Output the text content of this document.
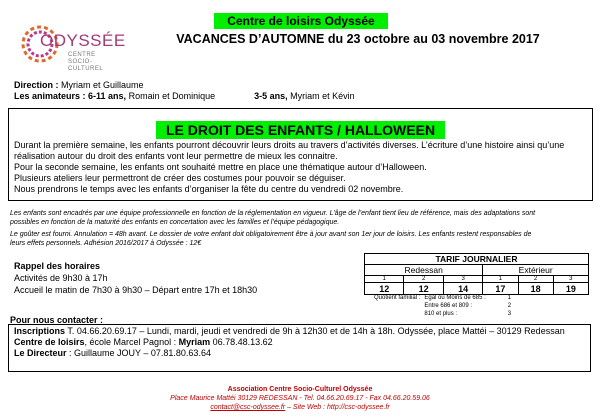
ODYSSÉE
CENTRE
SOCIO-
CULTUREL
Centre de loisirs Odyssée
VACANCES D’AUTOMNE du 23 octobre au 03 novembre 2017
Direction : Myriam et Guillaume
Les animateurs : 6-11 ans, Romain et Dominique	3-5 ans, Myriam et Kévin
LE DROIT DES ENFANTS / HALLOWEEN
Durant la première semaine, les enfants pourront découvrir leurs droits au travers d’activités diverses. L’écriture d’une histoire ainsi qu’une
réalisation autour du droit des enfants vont leur permettre de mieux les connaitre.
Pour la seconde semaine, les enfants ont souhaité mettre en place une thématique autour d’Halloween.
Plusieurs ateliers leur permettront de créer des costumes pour pouvoir se déguiser.
Nous prendrons le temps avec les enfants d’organiser la fête du centre du vendredi 02 novembre.
Les enfants sont encadrés par une équipe professionnelle en fonction de la réglementation en vigueur. L’âge de l’enfant tient lieu de référence, mais des adaptations sont
possibles en fonction de la maturité des enfants en concertation avec les familles et l’équipe pédagogique.
Le goûter est fourni. Annulation = 48h avant. Le dossier de votre enfant doit obligatoirement être à jour avant son 1er jour de loisirs. Les enfants restent responsables de
leurs effets personnels. Adhésion 2016/2017 à Odyssée : 12€
Rappel des horaires
Activités de 9h30 à 17h
Accueil le matin de 7h30 à 9h30 – Départ entre 17h et 18h30
TARIF JOURNALIER					
Redessan			Extérieur		
1	2	3	1	2	3
12	12	14	17	18	19
Quotient familial :	Egal ou Moins de 685 :	1
	Entre 686 et 809 :	2
	810 et plus :	3
Pour nous contacter :
Inscriptions T. 04.66.20.69.17 – Lundi, mardi, jeudi et vendredi de 9h à 12h30 et de 14h à 18h. Odyssée, place Mattéi – 30129 Redessan
Centre de loisirs, école Marcel Pagnol : Myriam 06.78.48.13.62
Le Directeur : Guillaume JOUY – 07.81.80.63.64
Association Centre Socio-Culturel Odyssée
Place Maurice Mattéi 30129 REDESSAN - Tel. 04.66.20.69.17 - Fax 04.66.20.59.06
contact@csc-odyssee.fr – Site Web : http://csc-odyssee.fr
